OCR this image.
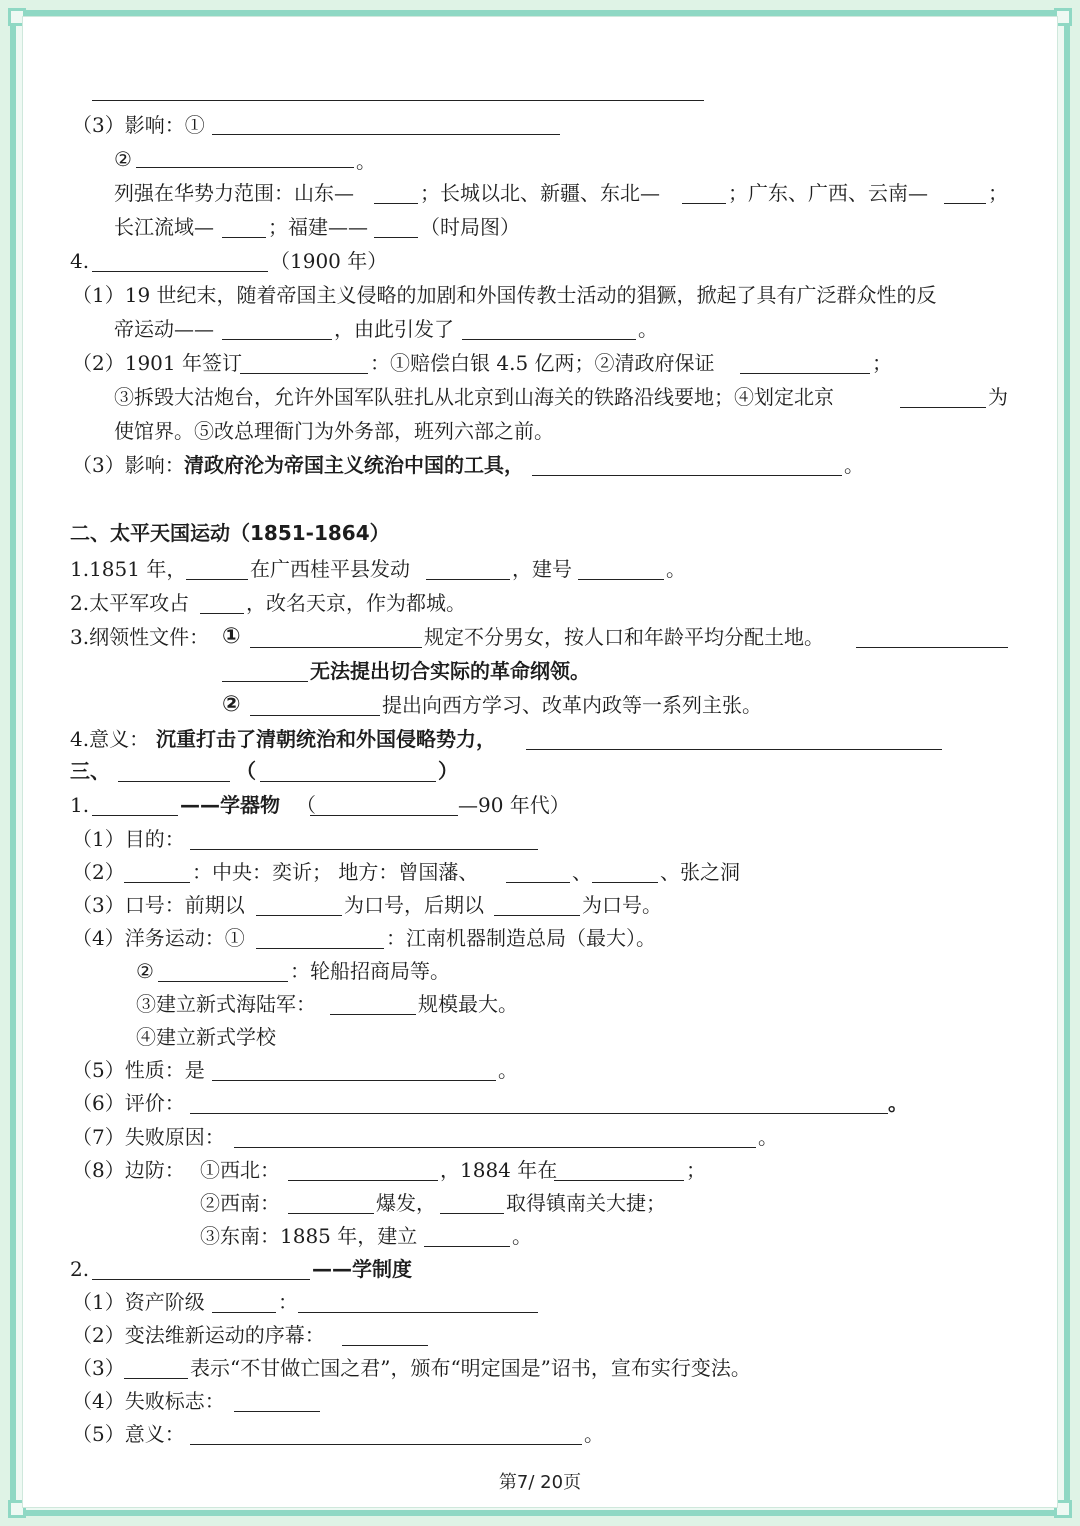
（3）影响：①
②	。
列强在华势力范围：山东—	；长城以北、新疆、东北—	；广东、广西、云南—	；
长江流域—	；福建——	（时局图）
4.	（1900 年）
（1）19 世纪末，随着帝国主义侵略的加剧和外国传教士活动的猖獗，掀起了具有广泛群众性的反
帝运动——	，由此引发了	。
（2）1901 年签订	：①赔偿白银 4.5 亿两；②清政府保证	；
③拆毁大沽炮台，允许外国军队驻扎从北京到山海关的铁路沿线要地；④划定北京	为
使馆界。⑤改总理衙门为外务部，班列六部之前。
（3）影响： 清政府沦为帝国主义统治中国的工具，	。
二、太平天国运动（1851-1864）
1.1851 年，	在广西桂平县发动	，建号	。
2.太平军攻占	，改名天京，作为都城。
3.纲领性文件： ①	规定不分男女，按人口和年龄平均分配土地。
无法提出切合实际的革命纲领。
②	提出向西方学习、改革内政等一系列主张。
4.意义： 沉重打击了清朝统治和外国侵略势力，
三、	（	）
1.	——学器物 （	—90 年代）
（1）目的：
（2）	：中央：奕䜣； 地方：曾国藩、	、	、张之洞
（3）口号：前期以	为口号，后期以	为口号。
（4）洋务运动：①	：江南机器制造总局（最大）。
②	：轮船招商局等。
③建立新式海陆军：	规模最大。
④建立新式学校
（5）性质：是	。
（6）评价：	。
（7）失败原因：	。
（8）边防： ①西北：	，1884 年在	；
②西南：	爆发，	取得镇南关大捷；
③东南：1885 年，建立	。
2.	——学制度
（1）资产阶级	：
（2）变法维新运动的序幕：
（3）	表示“不甘做亡国之君”，颁布“明定国是”诏书，宣布实行变法。
（4）失败标志：
（5）意义：	。
第7/ 20页
